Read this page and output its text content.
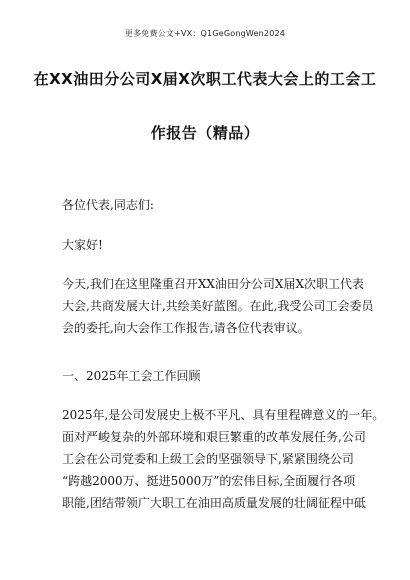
更多免费公文+VX：Q1GeGongWen2024
在XX油田分公司X届X次职工代表大会上的工会工
作报告（精品）
各位代表,同志们:
大家好!
今天,我们在这里隆重召开XX油田分公司X届X次职工代表
大会,共商发展大计,共绘美好蓝图。在此,我受公司工会委员
会的委托,向大会作工作报告,请各位代表审议。
一、2025年工会工作回顾
2025年,是公司发展史上极不平凡、具有里程碑意义的一年。
面对严峻复杂的外部环境和艰巨繁重的改革发展任务,公司
工会在公司党委和上级工会的坚强领导下,紧紧围绕公司
“跨越2000万、挺进5000万”的宏伟目标,全面履行各项
职能,团结带领广大职工在油田高质量发展的壮阔征程中砥
